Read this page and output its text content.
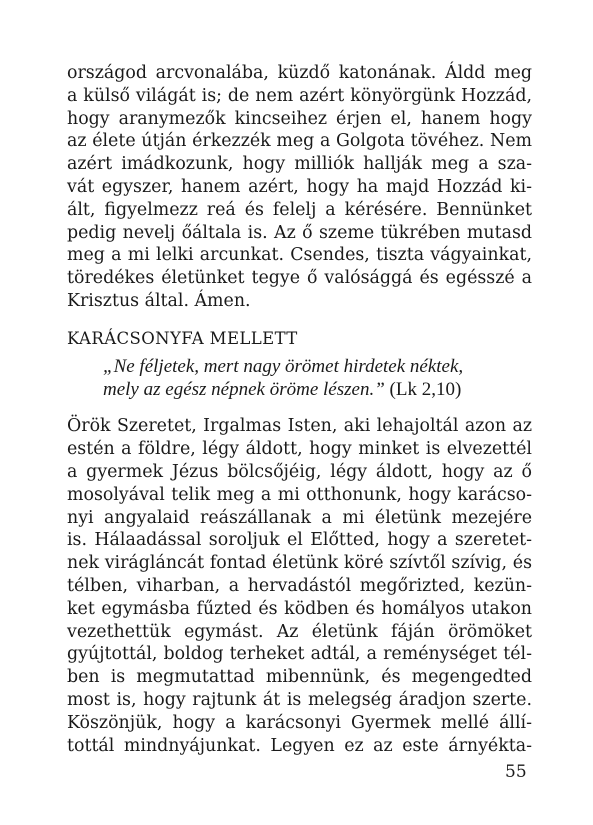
országod arcvonalába, küzdő katonának. Áldd meg
a külső világát is; de nem azért könyörgünk Hozzád,
hogy aranymezők kincseihez érjen el, hanem hogy
az élete útján érkezzék meg a Golgota tövéhez. Nem
azért imádkozunk, hogy milliók hallják meg a sza-
vát egyszer, hanem azért, hogy ha majd Hozzád ki-
ált, figyelmezz reá és felelj a kérésére. Bennünket
pedig nevelj őáltala is. Az ő szeme tükrében mutasd
meg a mi lelki arcunkat. Csendes, tiszta vágyainkat,
töredékes életünket tegye ő valósággá és egésszé a
Krisztus által. Ámen.
KARÁCSONYFA MELLETT
„Ne féljetek, mert nagy örömet hirdetek néktek,
mely az egész népnek öröme lészen.” (Lk 2,10)
Örök Szeretet, Irgalmas Isten, aki lehajoltál azon az
estén a földre, légy áldott, hogy minket is elvezettél
a gyermek Jézus bölcsőjéig, légy áldott, hogy az ő
mosolyával telik meg a mi otthonunk, hogy karácso-
nyi angyalaid reászállanak a mi életünk mezejére
is. Hálaadással soroljuk el Előtted, hogy a szeretet-
nek virágláncát fontad életünk köré szívtől szívig, és
télben, viharban, a hervadástól megőrizted, kezün-
ket egymásba fűzted és ködben és homályos utakon
vezethettük egymást. Az életünk fáján örömöket
gyújtottál, boldog terheket adtál, a reménységet tél-
ben is megmutattad mibennünk, és megengedted
most is, hogy rajtunk át is melegség áradjon szerte.
Köszönjük, hogy a karácsonyi Gyermek mellé állí-
tottál mindnyájunkat. Legyen ez az este árnyékta-
55
